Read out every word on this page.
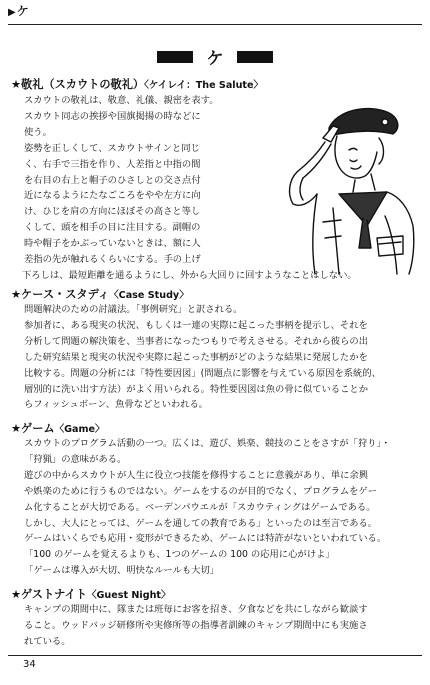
▶ケ
ケ
★敬礼（スカウトの敬礼）〈ケイレイ：The Salute〉

スカウトの敬礼は、敬意、礼儀、親密を表す。

スカウト同志の挨拶や国旗掲揚の時などに

使う。

姿勢を正しくして、スカウトサインと同じ

く、右手で三指を作り、人差指と中指の間

を右目の右上と帽子のひさしとの交さ点付

近になるようにたなごころをやや左方に向

け、ひじを肩の方向にほぼその高さと等し

くして、頭を相手の目に注目する。副帽の

時や帽子をかぶっていないときは、額に人

差指の先が触れるくらいにする。手の上げ

下ろしは、最短距離を通るようにし、外から大回りに回すようなことはしない。

★ケース・スタディ〈Case Study〉

問題解決のための討議法。「事例研究」と訳される。

参加者に、ある現実の状況、もしくは一連の実際に起こった事柄を提示し、それを

分析して問題の解決策を、当事者になったつもりで考えさせる。それから彼らの出

した研究結果と現実の状況や実際に起こった事柄がどのような結果に発展したかを

比較する。問題の分析には「特性要因図」(問題点に影響を与えている原因を系統的、

層別的に洗い出す方法）がよく用いられる。特性要因図は魚の骨に似ていることか

らフィッシュボーン、魚骨などといわれる。

★ゲーム〈Game〉

スカウトのプログラム活動の一つ。広くは、遊び、娯楽、競技のことをさすが「狩り」・

「狩猟」の意味がある。

遊びの中からスカウトが人生に役立つ技能を修得することに意義があり、単に余興

や娯楽のために行うものではない。ゲームをするのが目的でなく、プログラムをゲー

ム化することが大切である。ベーデンパウエルが「スカウティングはゲームである。

しかし、大人にとっては、ゲームを通しての教育である」といったのは至言である。

ゲームはいくらでも応用・変形ができるため、ゲームには特許がないといわれている。

「100 のゲームを覚えるよりも、1つのゲームの 100 の応用に心がけよ」

「ゲームは導入が大切、明快なルールも大切」

★ゲストナイト〈Guest Night〉

キャンプの期間中に、隊または班毎にお客を招き、夕食などを共にしながら歓談す

ること。ウッドバッジ研修所や実修所等の指導者訓練のキャンプ期間中にも実施さ

れている。

34
